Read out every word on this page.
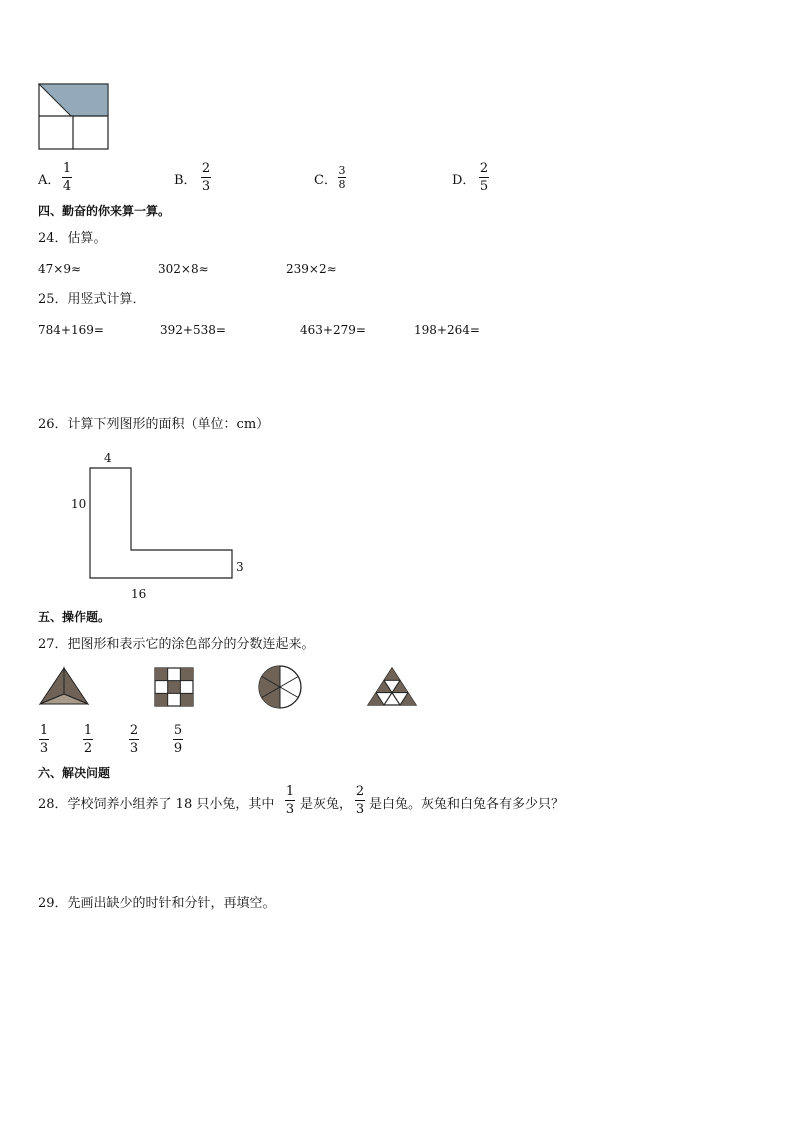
A．
1
4	B．
2
3	C．
3
8	D．
2
5
四、勤奋的你来算一算。
24．估算。
47×9≈	302×8≈	239×2≈
25．用竖式计算．
784+169=	392+538=	463+279=	198+264=
26．计算下列图形的面积（单位：cm）
4
10
3
16
五、操作题。
27．把图形和表示它的涂色部分的分数连起来。
1
3
1
2
2
3
5
9
六、解决问题
28．学校饲养小组养了 18 只小兔，其中
1
3 是灰兔，
2
3 是白兔。灰兔和白兔各有多少只？
29．先画出缺少的时针和分针，再填空。
